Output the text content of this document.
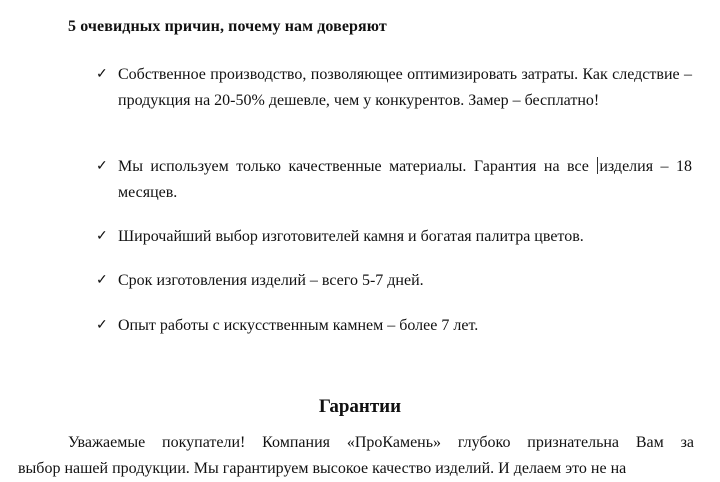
5 очевидных причин, почему нам доверяют
✓ Собственное производство, позволяющее оптимизировать затраты. Как следствие – продукция на 20-50% дешевле, чем у конкурентов. Замер – бесплатно!
✓ Мы используем только качественные материалы. Гарантия на все изделия – 18 месяцев.
✓ Широчайший выбор изготовителей камня и богатая палитра цветов.
✓ Срок изготовления изделий – всего 5-7 дней.
✓ Опыт работы с искусственным камнем – более 7 лет.
Гарантии
Уважаемые покупатели! Компания «ПроКамень» глубоко признательна Вам за
выбор нашей продукции. Мы гарантируем высокое качество изделий. И делаем это не на
